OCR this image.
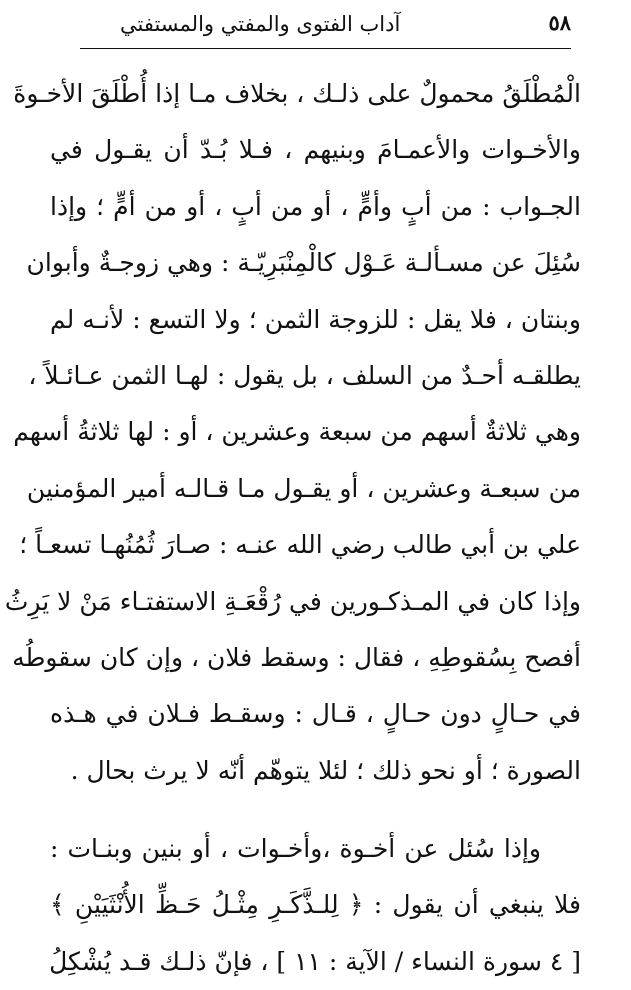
٥٨
آداب الفتوى والمفتي والمستفتي
الْمُطْلَقُ محمولٌ على ذلـك ، بخلاف مـا إذا أُطْلَقَ الأخـوةَ
والأخـوات والأعمـامَ وبنيهم ، فـلا بُـدّ أن يقـول في
الجـواب : من أبٍ وأمٍّ ، أو من أبٍ ، أو من أمٍّ ؛ وإذا
سُئِلَ عن مسـألـة عَـوْل كالْمِنْبَرِيّـة : وهي زوجـةٌ وأبوان
وبنتان ، فلا يقل : للزوجة الثمن ؛ ولا التسع : لأنـه لم
يطلقـه أحـدٌ من السلف ، بل يقول : لهـا الثمن عـائـلاً ،
وهي ثلاثةٌ أسهم من سبعة وعشرين ، أو : لها ثلاثةُ أسهم
من سبعـة وعشرين ، أو يقـول مـا قـالـه أمير المؤمنين
علي بن أبي طالب رضي الله عنـه : صـارَ ثُمُنُهـا تسعـاً ؛
وإذا كان في المـذكـورين في رُقْعَـةِ الاستفتـاء مَنْ لا يَرِثُ
أفصح بِسُقوطِهِ ، فقال : وسقط فلان ، وإن كان سقوطُه
في حـالٍ دون حـالٍ ، قـال : وسقـط فـلان في هـذه
الصورة ؛ أو نحو ذلك ؛ لئلا يتوهّم أنّه لا يرث بحال .
وإذا سُئل عن أخـوة ،وأخـوات ، أو بنين وبنـات :
فلا ينبغي أن يقول : ﴿ لِلـذَّكَـرِ مِثْـلُ حَـظِّ الأُنْثَيَيْنِ ﴾
[ ٤ سورة النساء / الآية : ١١ ] ، فإنّ ذلـك قـد يُشْكِلُ
